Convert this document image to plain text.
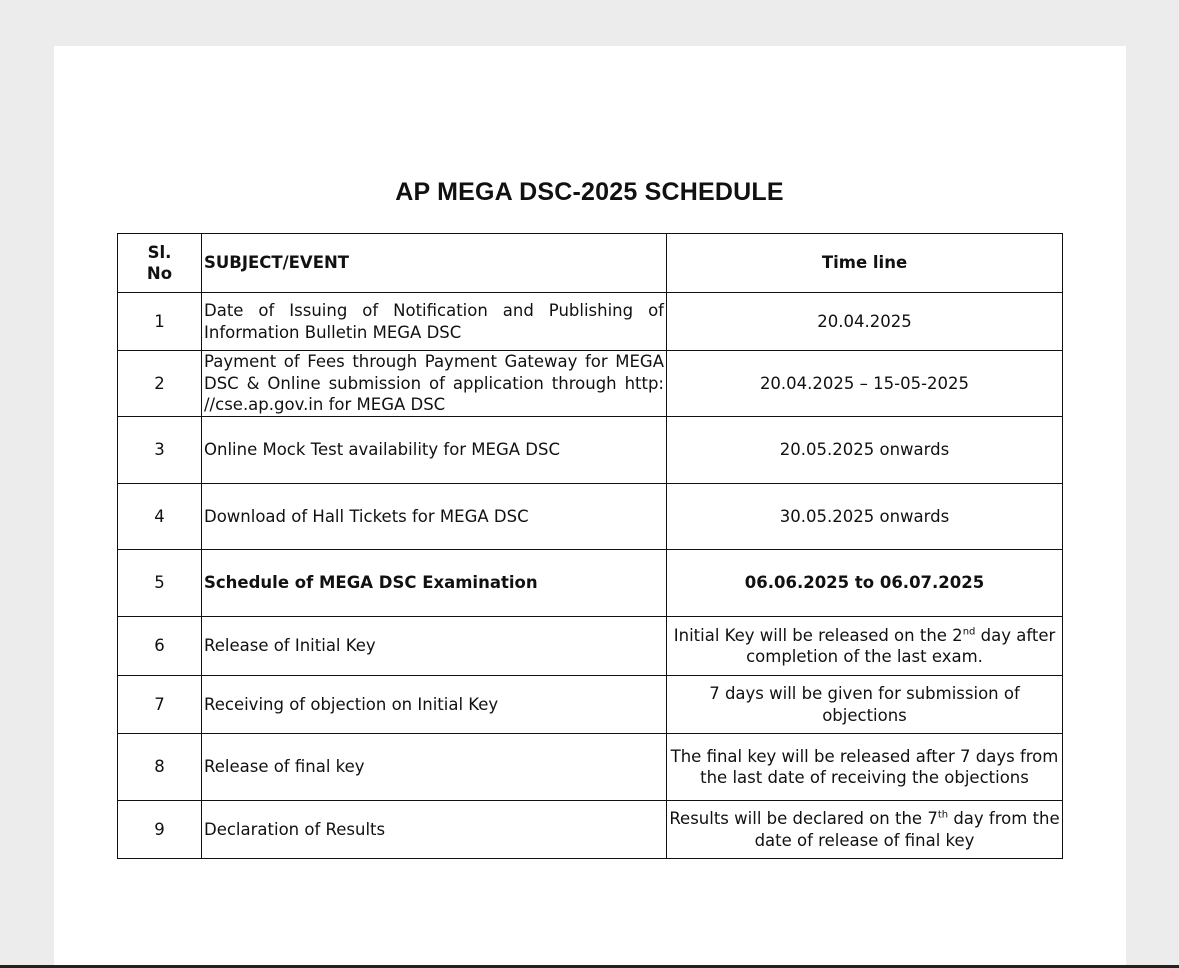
AP MEGA DSC-2025 SCHEDULE
Sl.
No	SUBJECT/EVENT	Time line
1	Date of Issuing of Notification and Publishing of Information Bulletin MEGA DSC	20.04.2025
2	Payment of Fees through Payment Gateway for MEGA DSC & Online submission of application through http: //cse.ap.gov.in for MEGA DSC	20.04.2025 – 15-05-2025
3	Online Mock Test availability for MEGA DSC	20.05.2025 onwards
4	Download of Hall Tickets for MEGA DSC	30.05.2025 onwards
5	Schedule of MEGA DSC Examination	06.06.2025 to 06.07.2025
6	Release of Initial Key	Initial Key will be released on the 2nd day after completion of the last exam.
7	Receiving of objection on Initial Key	7 days will be given for submission of objections
8	Release of final key	The final key will be released after 7 days from the last date of receiving the objections
9	Declaration of Results	Results will be declared on the 7th day from the date of release of final key
